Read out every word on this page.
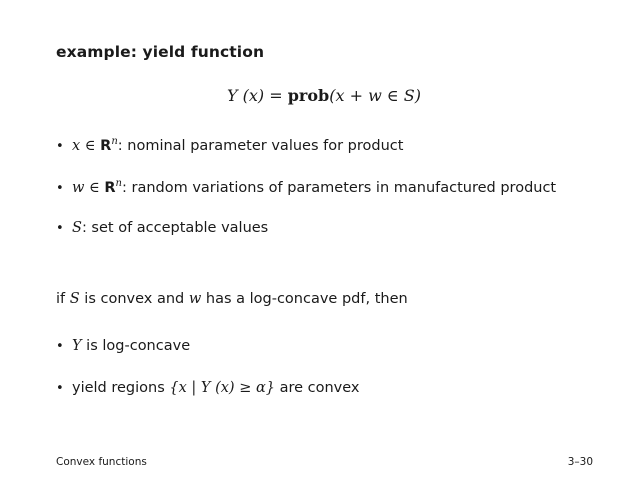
example: yield function
Y (x) = prob(x + w ∈ S)
• x ∈ $R^n$: nominal parameter values for product
• w ∈ $R^n$: random variations of parameters in manufactured product
• S: set of acceptable values
if S is convex and w has a log-concave pdf, then
• Y is log-concave
• yield regions {x | Y (x) ≥ α} are convex
Convex functions	3–30
